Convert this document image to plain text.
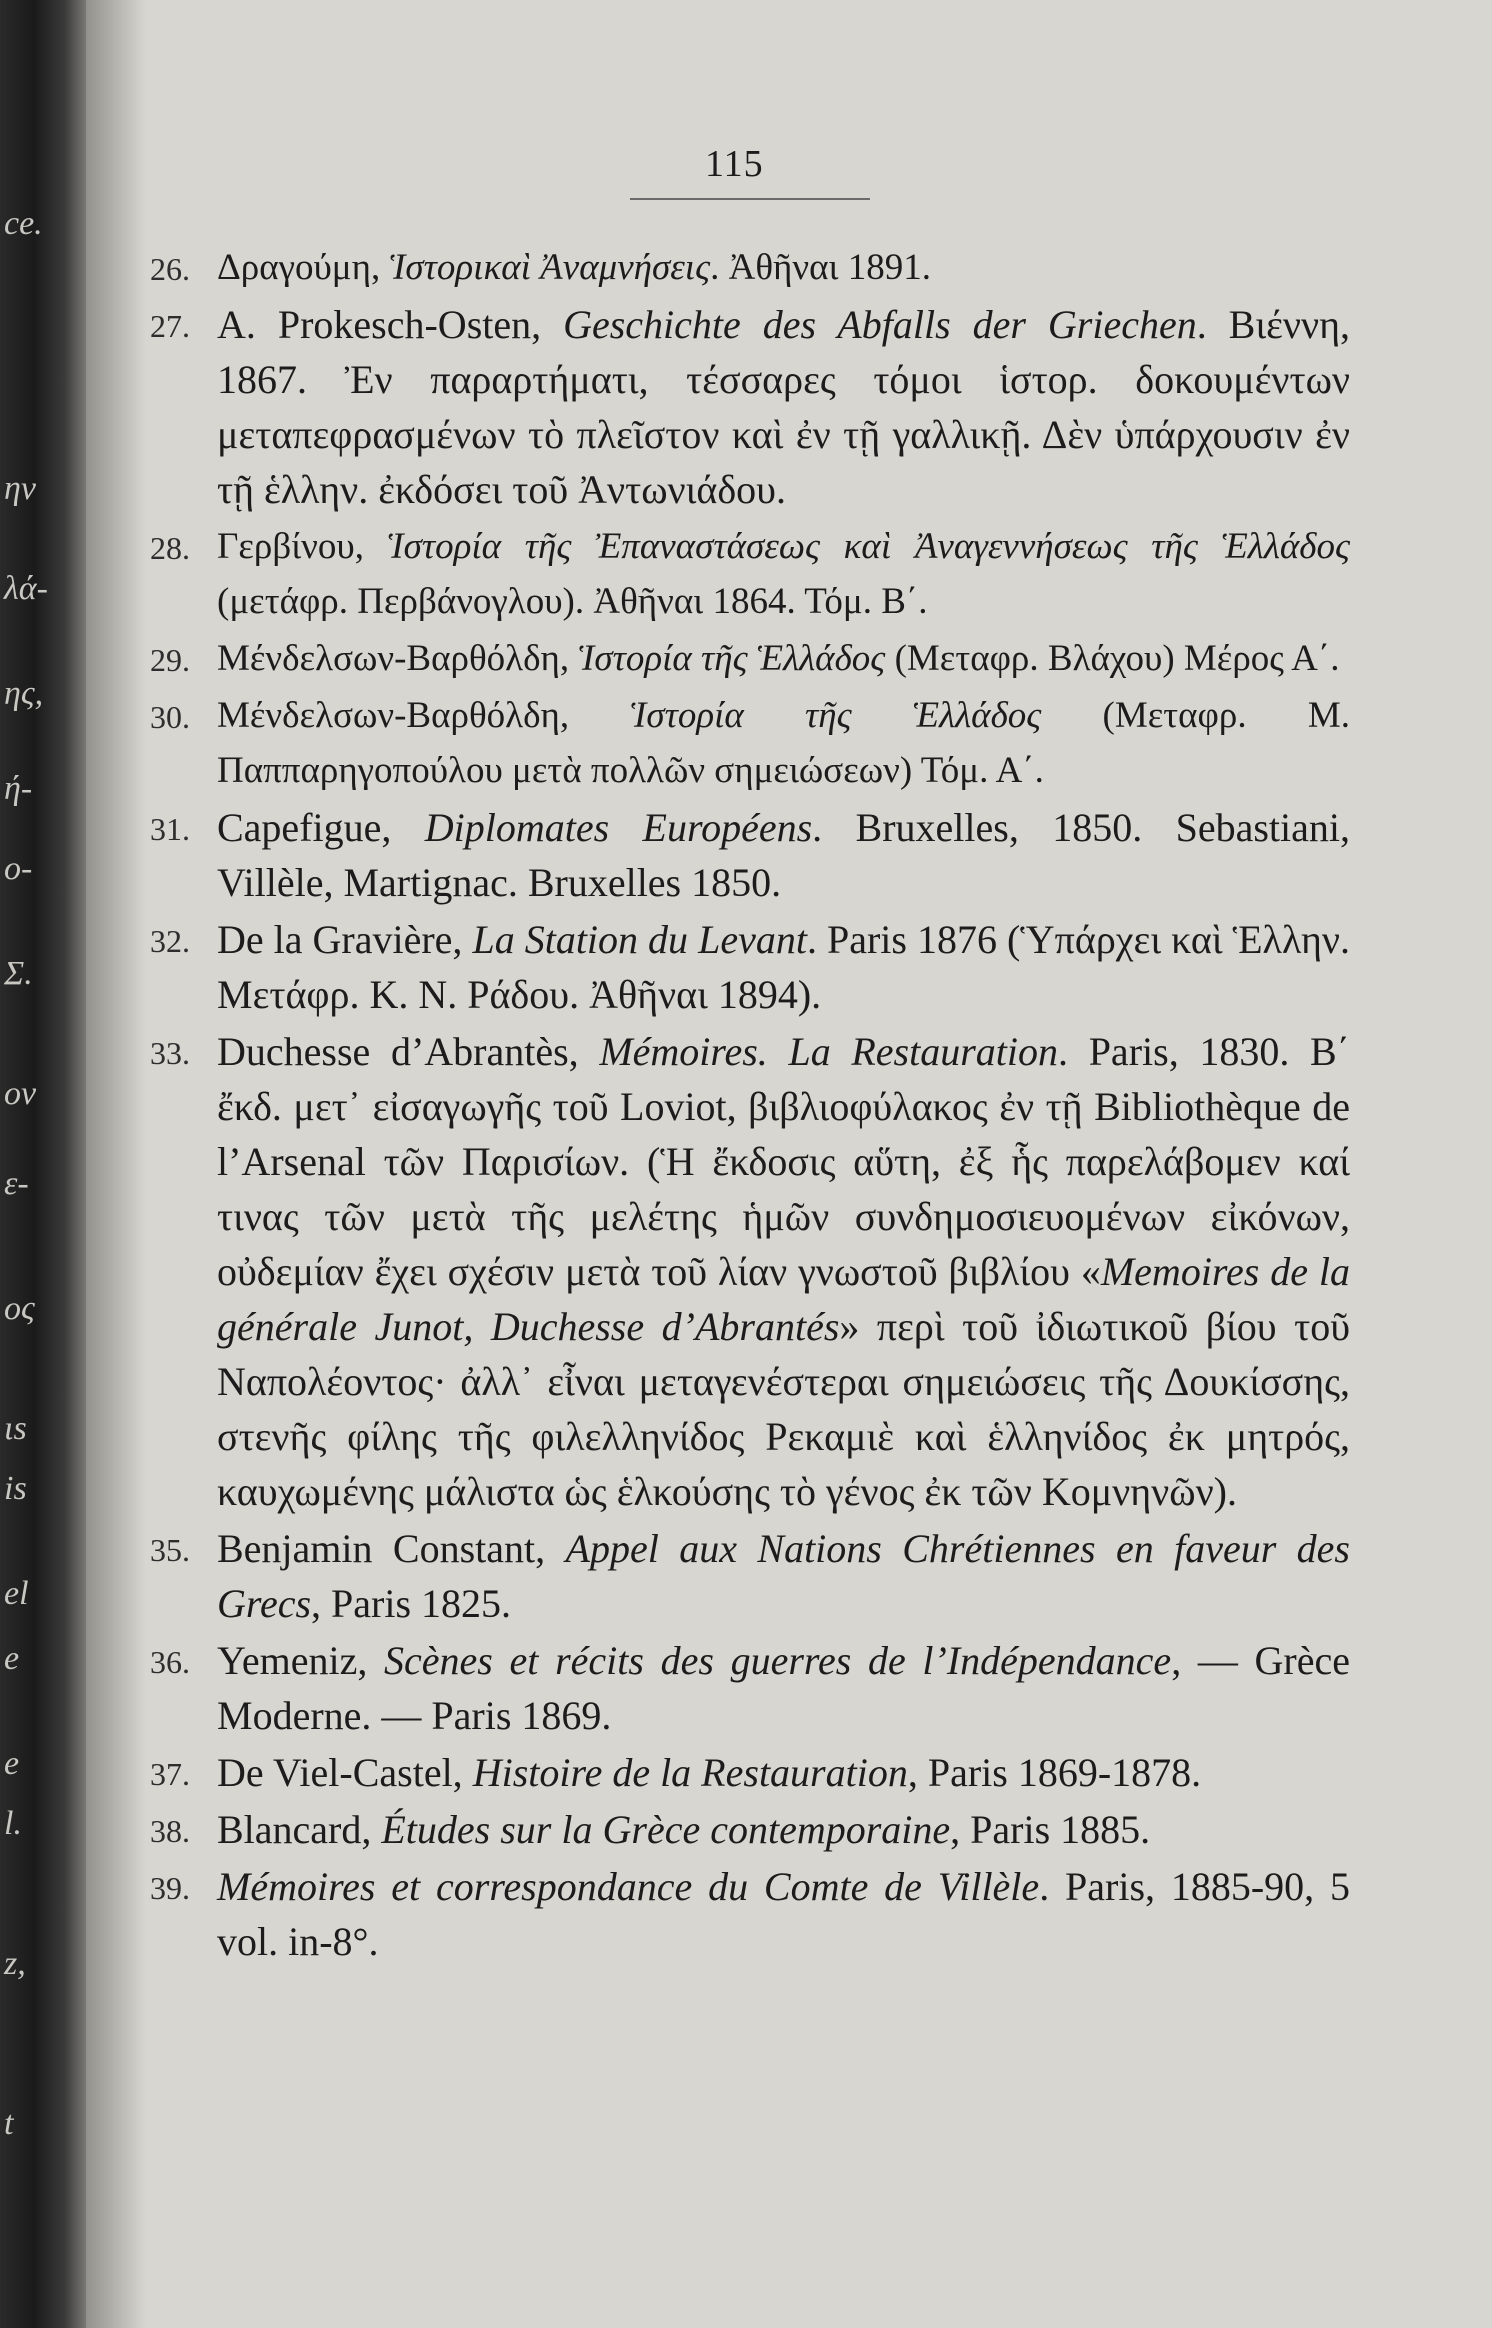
ce.
ην
λά-
ης,
ή-
ο-
Σ.
ον
ε-
ος
ιs
is
el
e
e
l.
z,
t
115
26. Δραγούμη, Ἱστορικαὶ Ἀναμνήσεις. Ἀθῆναι 1891.
27. A. Prokesch-Osten, Geschichte des Abfalls der Griechen. Βιέννη, 1867. Ἐν παραρτήματι, τέσσαρες τόμοι ἱστορ. δοκουμέντων μεταπεφρασμένων τὸ πλεῖστον καὶ ἐν τῇ γαλλικῇ. Δὲν ὑπάρχουσιν ἐν τῇ ἑλλην. ἐκδόσει τοῦ Ἀντωνιάδου.
28. Γερβίνου, Ἱστορία τῆς Ἐπαναστάσεως καὶ Ἀναγεννήσεως τῆς Ἑλλάδος (μετάφρ. Περβάνογλου). Ἀθῆναι 1864. Τόμ. Β΄.
29. Μένδελσων-Βαρθόλδη, Ἱστορία τῆς Ἑλλάδος (Μεταφρ. Βλάχου) Μέρος Α΄.
30. Μένδελσων-Βαρθόλδη, Ἱστορία τῆς Ἑλλάδος (Μεταφρ. Μ. Παππαρηγοπούλου μετὰ πολλῶν σημειώσεων) Τόμ. Α΄.
31. Capefigue, Diplomates Européens. Bruxelles, 1850. Sebastiani, Villèle, Martignac. Bruxelles 1850.
32. De la Gravière, La Station du Levant. Paris 1876 (Ὑπάρχει καὶ Ἑλλην. Μετάφρ. Κ. Ν. Ράδου. Ἀθῆναι 1894).
33. Duchesse d’Abrantès, Mémoires. La Restauration. Paris, 1830. Β΄ ἔκδ. μετ᾽ εἰσαγωγῆς τοῦ Loviot, βιβλιοφύλακος ἐν τῇ Bibliothèque de l’Arsenal τῶν Παρισίων. (Ἡ ἔκδοσις αὕτη, ἐξ ἧς παρελάβομεν καί τινας τῶν μετὰ τῆς μελέτης ἡμῶν συνδημοσιευομένων εἰκόνων, οὐδεμίαν ἔχει σχέσιν μετὰ τοῦ λίαν γνωστοῦ βιβλίου «Memoires de la générale Junot, Duchesse d’Abrantés» περὶ τοῦ ἰδιωτικοῦ βίου τοῦ Ναπολέοντος· ἀλλ᾽ εἶναι μεταγενέστεραι σημειώσεις τῆς Δουκίσσης, στενῆς φίλης τῆς φιλελληνίδος Ρεκαμιὲ καὶ ἑλληνίδος ἐκ μητρός, καυχωμένης μάλιστα ὡς ἑλκούσης τὸ γένος ἐκ τῶν Κομνηνῶν).
35. Benjamin Constant, Appel aux Nations Chrétiennes en faveur des Grecs, Paris 1825.
36. Yemeniz, Scènes et récits des guerres de l’Indépendance, — Grèce Moderne. — Paris 1869.
37. De Viel-Castel, Histoire de la Restauration, Paris 1869-1878.
38. Blancard, Études sur la Grèce contemporaine, Paris 1885.
39. Mémoires et correspondance du Comte de Villèle. Paris, 1885-90, 5 vol. in-8°.
